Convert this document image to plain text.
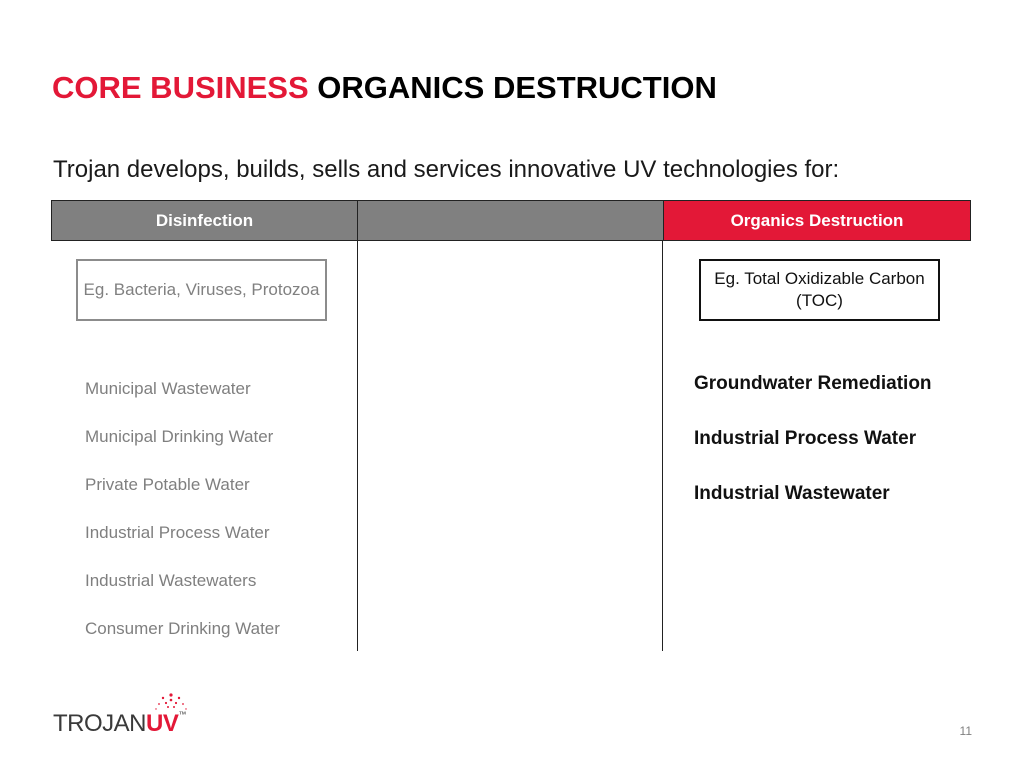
CORE BUSINESS ORGANICS DESTRUCTION
Trojan develops, builds, sells and services innovative UV technologies for:
Disinfection	Organics Destruction
Eg. Bacteria, Viruses, Protozoa
Eg. Total Oxidizable Carbon (TOC)
Municipal Wastewater
Municipal Drinking Water
Private Potable Water
Industrial Process Water
Industrial Wastewaters
Consumer Drinking Water
Groundwater Remediation
Industrial Process Water
Industrial Wastewater
TROJANUV™
11
